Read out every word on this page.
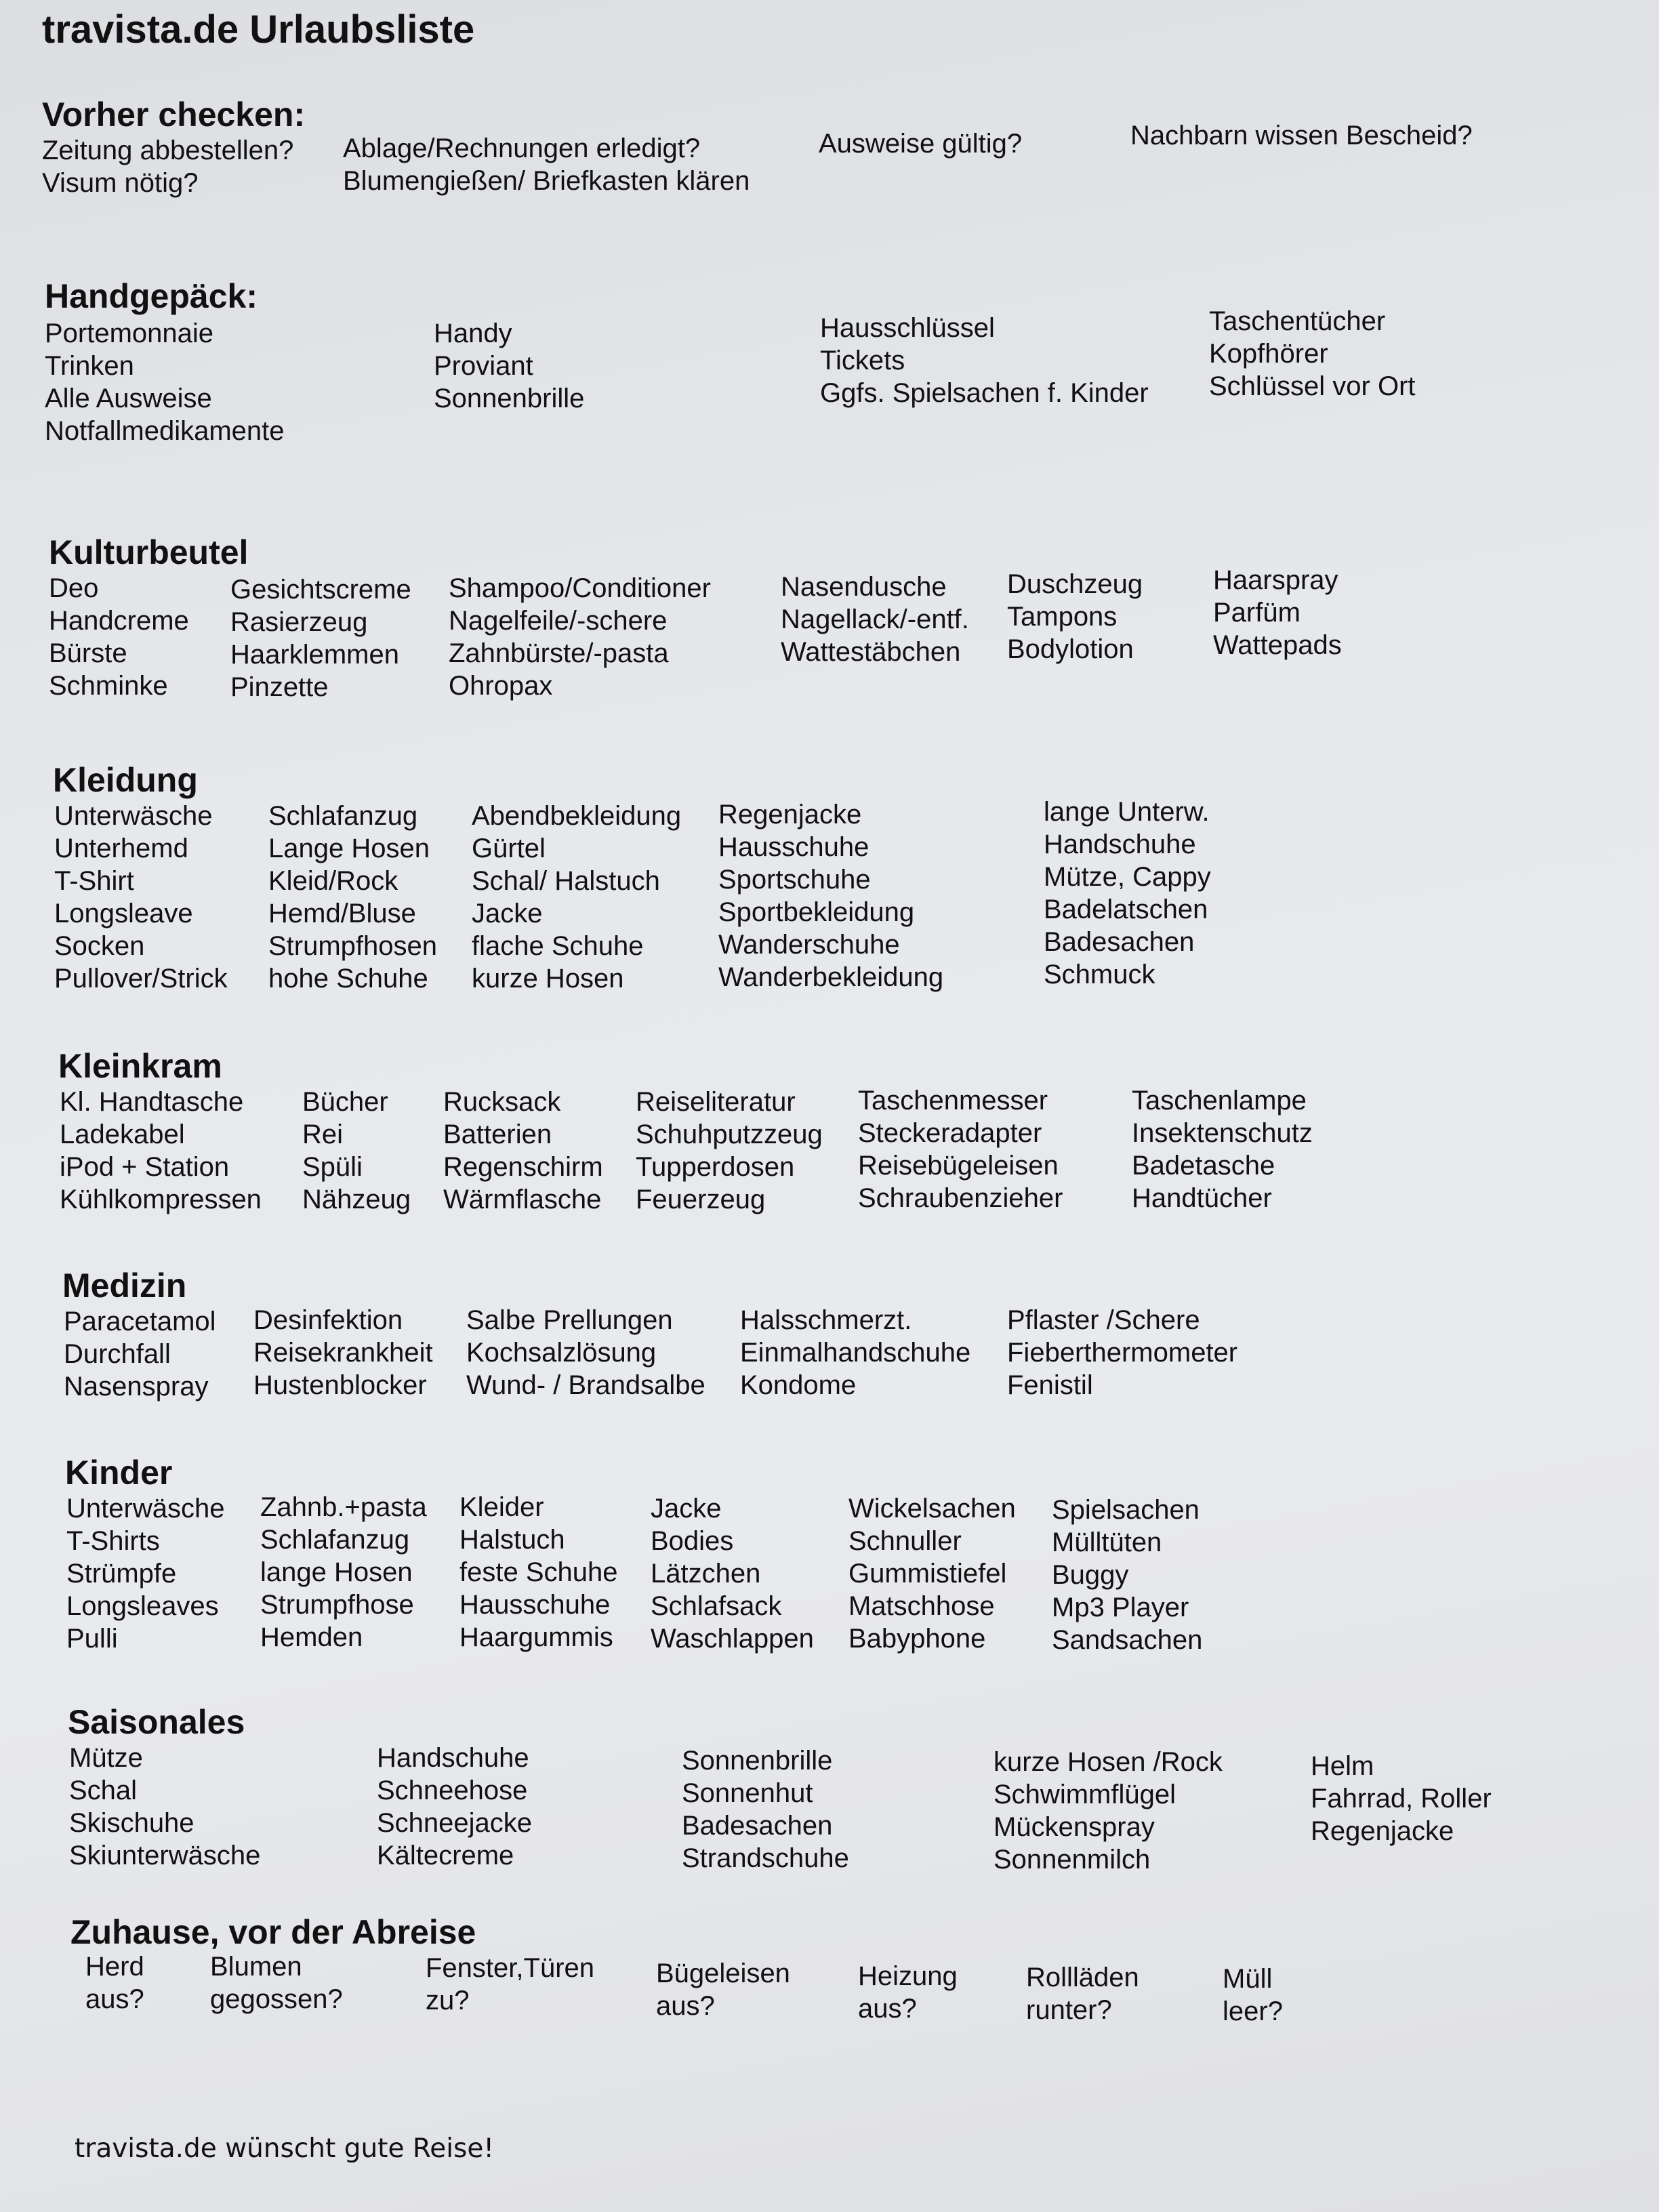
travista.de Urlaubsliste
Vorher checken:
Zeitung abbestellen?
Visum nötig?
Ablage/Rechnungen erledigt?
Blumengießen/ Briefkasten klären
Ausweise gültig?	Nachbarn wissen Bescheid?
Handgepäck:
Portemonnaie
Trinken
Alle Ausweise
Notfallmedikamente
Handy
Proviant
Sonnenbrille
Hausschlüssel
Tickets
Ggfs. Spielsachen f. Kinder
Taschentücher
Kopfhörer
Schlüssel vor Ort
Kulturbeutel
Deo
Handcreme
Bürste
Schminke
Gesichtscreme
Rasierzeug
Haarklemmen
Pinzette
Shampoo/Conditioner
Nagelfeile/-schere
Zahnbürste/-pasta
Ohropax
Nasendusche
Nagellack/-entf.
Wattestäbchen
Duschzeug
Tampons
Bodylotion
Haarspray
Parfüm
Wattepads
Kleidung
Unterwäsche
Unterhemd
T-Shirt
Longsleave
Socken
Pullover/Strick
Schlafanzug
Lange Hosen
Kleid/Rock
Hemd/Bluse
Strumpfhosen
hohe Schuhe
Abendbekleidung
Gürtel
Schal/ Halstuch
Jacke
flache Schuhe
kurze Hosen
Regenjacke
Hausschuhe
Sportschuhe
Sportbekleidung
Wanderschuhe
Wanderbekleidung
lange Unterw.
Handschuhe
Mütze, Cappy
Badelatschen
Badesachen
Schmuck
Kleinkram
Kl. Handtasche
Ladekabel
iPod + Station
Kühlkompressen
Bücher
Rei
Spüli
Nähzeug
Rucksack
Batterien
Regenschirm
Wärmflasche
Reiseliteratur
Schuhputzzeug
Tupperdosen
Feuerzeug
Taschenmesser
Steckeradapter
Reisebügeleisen
Schraubenzieher
Taschenlampe
Insektenschutz
Badetasche
Handtücher
Medizin
Paracetamol
Durchfall
Nasenspray
Desinfektion
Reisekrankheit
Hustenblocker
Salbe Prellungen
Kochsalzlösung
Wund- / Brandsalbe
Halsschmerzt.
Einmalhandschuhe
Kondome
Pflaster /Schere
Fieberthermometer
Fenistil
Kinder
Unterwäsche
T-Shirts
Strümpfe
Longsleaves
Pulli
Zahnb.+pasta
Schlafanzug
lange Hosen
Strumpfhose
Hemden
Kleider
Halstuch
feste Schuhe
Hausschuhe
Haargummis
Jacke
Bodies
Lätzchen
Schlafsack
Waschlappen
Wickelsachen
Schnuller
Gummistiefel
Matschhose
Babyphone
Spielsachen
Mülltüten
Buggy
Mp3 Player
Sandsachen
Saisonales
Mütze
Schal
Skischuhe
Skiunterwäsche
Handschuhe
Schneehose
Schneejacke
Kältecreme
Sonnenbrille
Sonnenhut
Badesachen
Strandschuhe
kurze Hosen /Rock
Schwimmflügel
Mückenspray
Sonnenmilch
Helm
Fahrrad, Roller
Regenjacke
Zuhause, vor der Abreise
Herd
aus?
Blumen
gegossen?
Fenster,Türen
zu?
Bügeleisen
aus?
Heizung
aus?
Rollläden
runter?
Müll
leer?
travista.de wünscht gute Reise!
